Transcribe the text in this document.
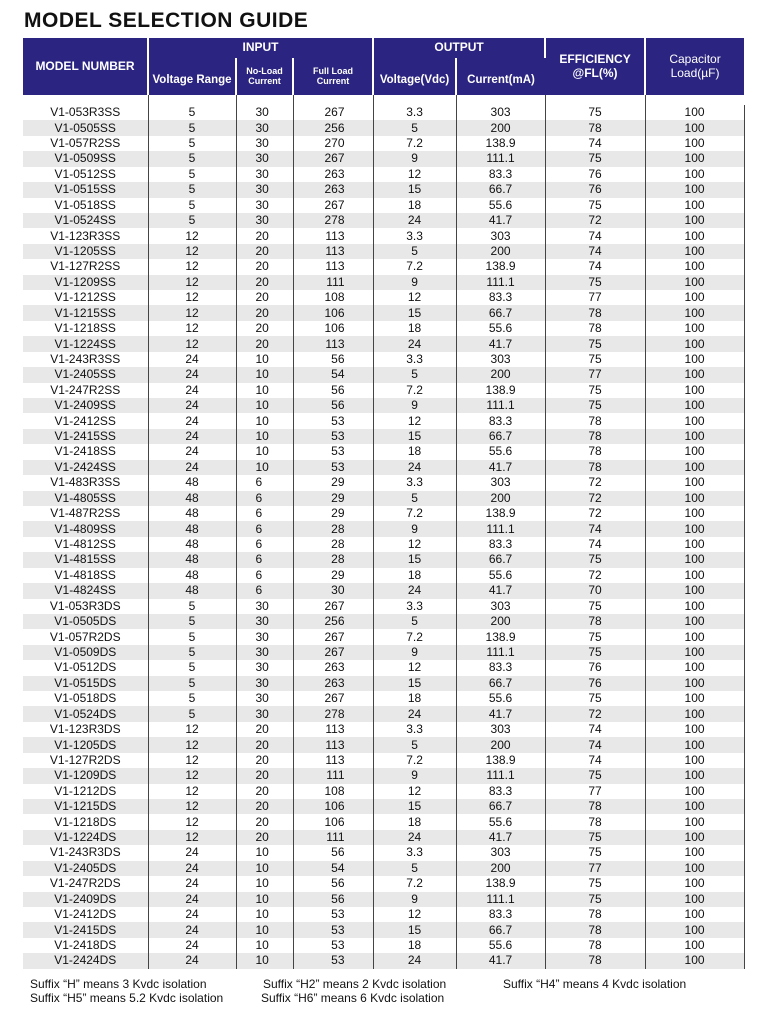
MODEL SELECTION GUIDE
MODEL NUMBER	INPUT			OUTPUT		EFFICIENCY @FL(%)	Capacitor Load(µF)
	Voltage Range	No-Load Current	Full Load Current	Voltage(Vdc)	Current(mA)		

V1-053R3SS	5	30	267	3.3	303	75	100
V1-0505SS	5	30	256	5	200	78	100
V1-057R2SS	5	30	270	7.2	138.9	74	100
V1-0509SS	5	30	267	9	111.1	75	100
V1-0512SS	5	30	263	12	83.3	76	100
V1-0515SS	5	30	263	15	66.7	76	100
V1-0518SS	5	30	267	18	55.6	75	100
V1-0524SS	5	30	278	24	41.7	72	100
V1-123R3SS	12	20	113	3.3	303	74	100
V1-1205SS	12	20	113	5	200	74	100
V1-127R2SS	12	20	113	7.2	138.9	74	100
V1-1209SS	12	20	111	9	111.1	75	100
V1-1212SS	12	20	108	12	83.3	77	100
V1-1215SS	12	20	106	15	66.7	78	100
V1-1218SS	12	20	106	18	55.6	78	100
V1-1224SS	12	20	113	24	41.7	75	100
V1-243R3SS	24	10	56	3.3	303	75	100
V1-2405SS	24	10	54	5	200	77	100
V1-247R2SS	24	10	56	7.2	138.9	75	100
V1-2409SS	24	10	56	9	111.1	75	100
V1-2412SS	24	10	53	12	83.3	78	100
V1-2415SS	24	10	53	15	66.7	78	100
V1-2418SS	24	10	53	18	55.6	78	100
V1-2424SS	24	10	53	24	41.7	78	100
V1-483R3SS	48	6	29	3.3	303	72	100
V1-4805SS	48	6	29	5	200	72	100
V1-487R2SS	48	6	29	7.2	138.9	72	100
V1-4809SS	48	6	28	9	111.1	74	100
V1-4812SS	48	6	28	12	83.3	74	100
V1-4815SS	48	6	28	15	66.7	75	100
V1-4818SS	48	6	29	18	55.6	72	100
V1-4824SS	48	6	30	24	41.7	70	100
V1-053R3DS	5	30	267	3.3	303	75	100
V1-0505DS	5	30	256	5	200	78	100
V1-057R2DS	5	30	267	7.2	138.9	75	100
V1-0509DS	5	30	267	9	111.1	75	100
V1-0512DS	5	30	263	12	83.3	76	100
V1-0515DS	5	30	263	15	66.7	76	100
V1-0518DS	5	30	267	18	55.6	75	100
V1-0524DS	5	30	278	24	41.7	72	100
V1-123R3DS	12	20	113	3.3	303	74	100
V1-1205DS	12	20	113	5	200	74	100
V1-127R2DS	12	20	113	7.2	138.9	74	100
V1-1209DS	12	20	111	9	111.1	75	100
V1-1212DS	12	20	108	12	83.3	77	100
V1-1215DS	12	20	106	15	66.7	78	100
V1-1218DS	12	20	106	18	55.6	78	100
V1-1224DS	12	20	111	24	41.7	75	100
V1-243R3DS	24	10	56	3.3	303	75	100
V1-2405DS	24	10	54	5	200	77	100
V1-247R2DS	24	10	56	7.2	138.9	75	100
V1-2409DS	24	10	56	9	111.1	75	100
V1-2412DS	24	10	53	12	83.3	78	100
V1-2415DS	24	10	53	15	66.7	78	100
V1-2418DS	24	10	53	18	55.6	78	100
V1-2424DS	24	10	53	24	41.7	78	100
Suffix “H” means 3 Kvdc isolation	Suffix “H2” means 2 Kvdc isolation	Suffix “H4” means 4 Kvdc isolation
Suffix “H5” means 5.2 Kvdc isolation	Suffix “H6” means 6 Kvdc isolation
